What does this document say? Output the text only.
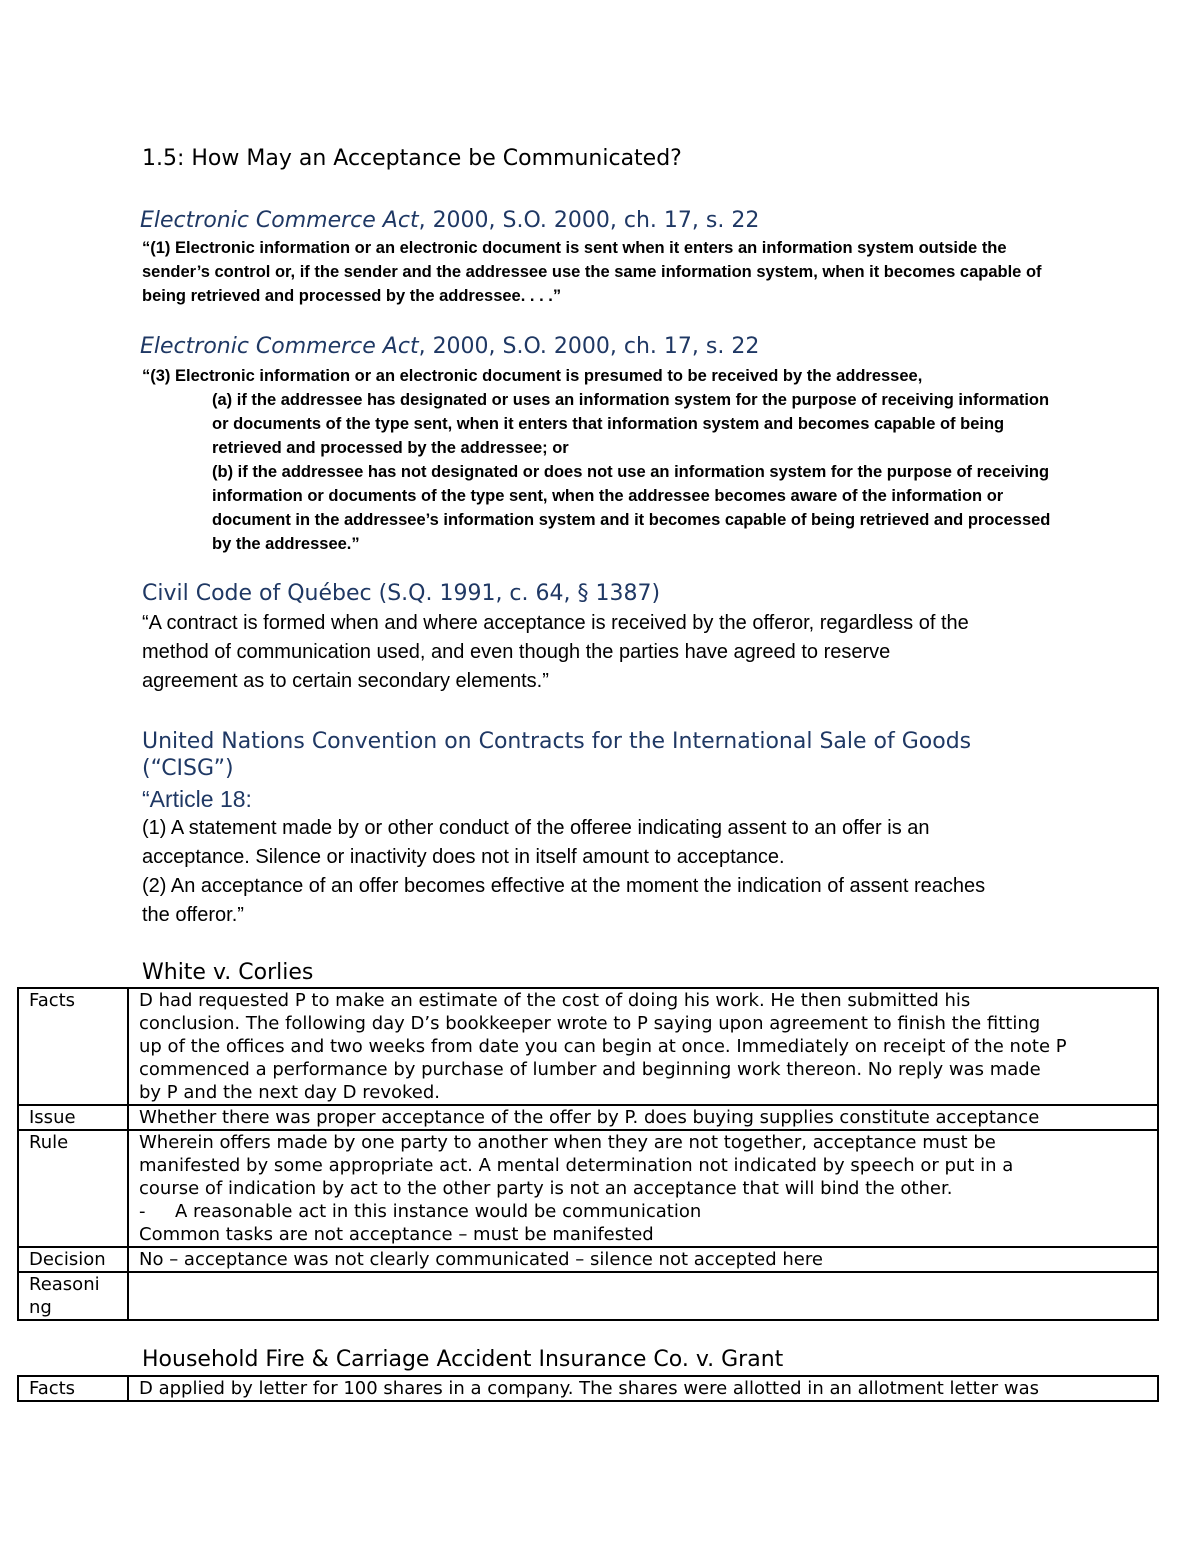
1.5: How May an Acceptance be Communicated?
Electronic Commerce Act, 2000, S.O. 2000, ch. 17, s. 22
“(1) Electronic information or an electronic document is sent when it enters an information system outside the
sender’s control or, if the sender and the addressee use the same information system, when it becomes capable of
being retrieved and processed by the addressee. . . .”
Electronic Commerce Act, 2000, S.O. 2000, ch. 17, s. 22
“(3) Electronic information or an electronic document is presumed to be received by the addressee,
(a) if the addressee has designated or uses an information system for the purpose of receiving information
or documents of the type sent, when it enters that information system and becomes capable of being
retrieved and processed by the addressee; or
(b) if the addressee has not designated or does not use an information system for the purpose of receiving
information or documents of the type sent, when the addressee becomes aware of the information or
document in the addressee’s information system and it becomes capable of being retrieved and processed
by the addressee.”
Civil Code of Québec (S.Q. 1991, c. 64, § 1387)
“A contract is formed when and where acceptance is received by the offeror, regardless of the
method of communication used, and even though the parties have agreed to reserve
agreement as to certain secondary elements.”
United Nations Convention on Contracts for the International Sale of Goods
(“CISG”)
“Article 18:
(1) A statement made by or other conduct of the offeree indicating assent to an offer is an
acceptance. Silence or inactivity does not in itself amount to acceptance.
(2) An acceptance of an offer becomes effective at the moment the indication of assent reaches
the offeror.”
White v. Corlies
Facts	D had requested P to make an estimate of the cost of doing his work. He then submitted his
conclusion. The following day D’s bookkeeper wrote to P saying upon agreement to finish the fitting
up of the offices and two weeks from date you can begin at once. Immediately on receipt of the note P
commenced a performance by purchase of lumber and beginning work thereon. No reply was made
by P and the next day D revoked.

Issue	Whether there was proper acceptance of the offer by P. does buying supplies constitute acceptance
Rule	Wherein offers made by one party to another when they are not together, acceptance must be
manifested by some appropriate act. A mental determination not indicated by speech or put in a
course of indication by act to the other party is not an acceptance that will bind the other.
- A reasonable act in this instance would be communication
Common tasks are not acceptance – must be manifested

Decision	No – acceptance was not clearly communicated – silence not accepted here

Reasoni
ng	

Household Fire & Carriage Accident Insurance Co. v. Grant
Facts	D applied by letter for 100 shares in a company. The shares were allotted in an allotment letter was
